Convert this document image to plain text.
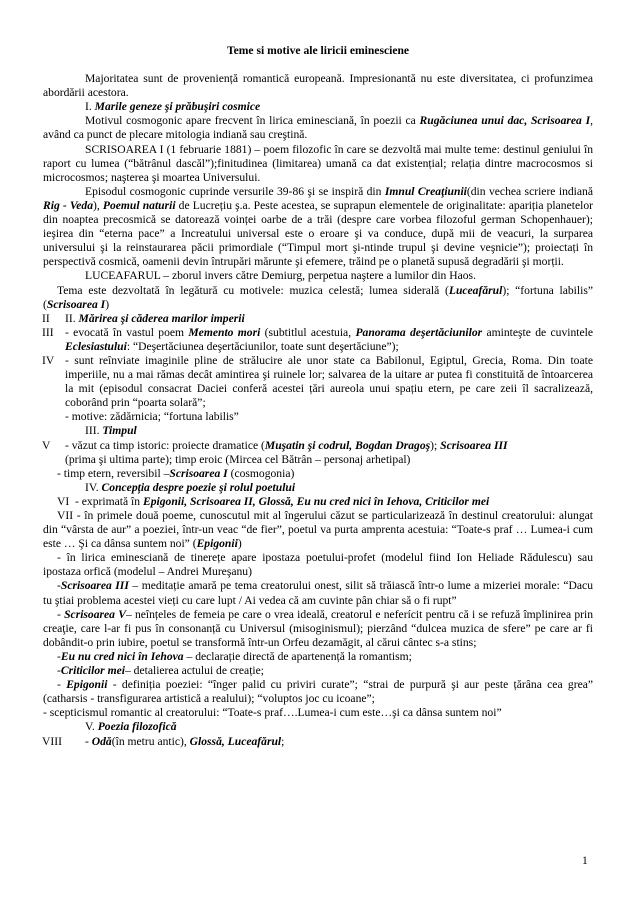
Teme si motive ale liricii eminesciene

Majoritatea sunt de proveniență romantică europeană. Impresionantă nu este diversitatea, ci profunzimea abordării acestora.

I. Marile geneze şi prăbuşiri cosmice

Motivul cosmogonic apare frecvent în lirica eminesciană, în poezii ca Rugăciunea unui dac, Scrisoarea I, având ca punct de plecare mitologia indiană sau creştină.

SCRISOAREA I (1 februarie 1881) – poem filozofic în care se dezvoltă mai multe teme: destinul geniului în raport cu lumea (“bătrânul dascăl”);finitudinea (limitarea) umană ca dat existențial; relația dintre macrocosmos si microcosmos; naşterea şi moartea Universului.

Episodul cosmogonic cuprinde versurile 39-86 şi se inspiră din Imnul Creaţiunii(din vechea scriere indiană Rig - Veda), Poemul naturii de Lucrețiu ş.a. Peste acestea, se suprapun elementele de originalitate: apariția planetelor din noaptea precosmică se datorează voinței oarbe de a trăi (despre care vorbea filozoful german Schopenhauer); ieşirea din “eterna pace” a Increatului universal este o eroare şi va conduce, după mii de veacuri, la surparea universului şi la reinstaurarea păcii primordiale (“Timpul mort şi-ntinde trupul şi devine veşnicie”); proiectați în perspectivă cosmică, oamenii devin întrupări mărunte şi efemere, trăind pe o planetă supusă degradării şi morții.

LUCEAFARUL – zborul invers către Demiurg, perpetua naştere a lumilor din Haos.

Tema este dezvoltată în legătură cu motivele: muzica celestă; lumea siderală (Luceafărul); “fortuna labilis” (Scrisoarea I)

II	II. Mărirea şi căderea marilor imperii

III - evocată în vastul poem Memento mori (subtitlul acestuia, Panorama deşertăciunilor aminteşte de cuvintele Eclesiastului: “Deşertăciunea deşertăciunilor, toate sunt deşertăciune”);

IV - sunt reînviate imaginile pline de strălucire ale unor state ca Babilonul, Egiptul, Grecia, Roma. Din toate imperiile, nu a mai rămas decât amintirea şi ruinele lor; salvarea de la uitare ar putea fi constituită de întoarcerea la mit (episodul consacrat Daciei conferă acestei țări aureola unui spațiu etern, pe care zeii îl sacralizează, coborând prin “poarta solară”;
- motive: zădărnicia; “fortuna labilis”

III. Timpul

V	- văzut ca timp istoric: proiecte dramatice (Muşatin şi codrul, Bogdan Dragoş); Scrisoarea III
(prima şi ultima parte); timp eroic (Mircea cel Bătrân – personaj arhetipal)

- timp etern, reversibil –Scrisoarea I (cosmogonia)

IV. Concepția despre poezie şi rolul poetului

VI - exprimată în Epigonii, Scrisoarea II, Glossă, Eu nu cred nici în Iehova, Criticilor mei

VII - în primele două poeme, cunoscutul mit al îngerului căzut se particularizează în destinul creatorului: alungat din “vârsta de aur” a poeziei, într-un veac “de fier”, poetul va purta amprenta acestuia: “Toate-s praf … Lumea-i cum este … Şi ca dânsa suntem noi” (Epigonii)

- în lirica eminesciană de tinerețe apare ipostaza poetului-profet (modelul fiind Ion Heliade Rădulescu) sau ipostaza orfică (modelul – Andrei Mureşanu)

-Scrisoarea III – meditație amară pe tema creatorului onest, silit să trăiască într-o lume a mizeriei morale: “Dacu tu ştiai problema acestei vieți cu care lupt / Ai vedea că am cuvinte pân chiar să o fi rupt”

- Scrisoarea V– neînțeles de femeia pe care o vrea ideală, creatorul e neferícit pentru că i se refuză împlinirea prin creaţie, care l-ar fi pus în consonanță cu Universul (misoginismul); pierzând “dulcea muzica de sfere” pe care ar fi dobândit-o prin iubire, poetul se transformă într-un Orfeu dezamăgit, al cărui cântec s-a stins;

-Eu nu cred nici în Iehova – declarație directă de apartenență la romantism;

-Criticilor mei– detalierea actului de creație;

- Epigonii - definiția poeziei: “înger palid cu priviri curate”; “strai de purpură şi aur peste țărâna cea grea” (catharsis - transfigurarea artistică a realului); “voluptos joc cu icoane”;

- scepticismul romantic al creatorului: “Toate-s praf….Lumea-i cum este…şi ca dânsa suntem noi”

V. Poezia filozofică

VIII	- Odă(în metru antic), Glossă, Luceafărul;

1
